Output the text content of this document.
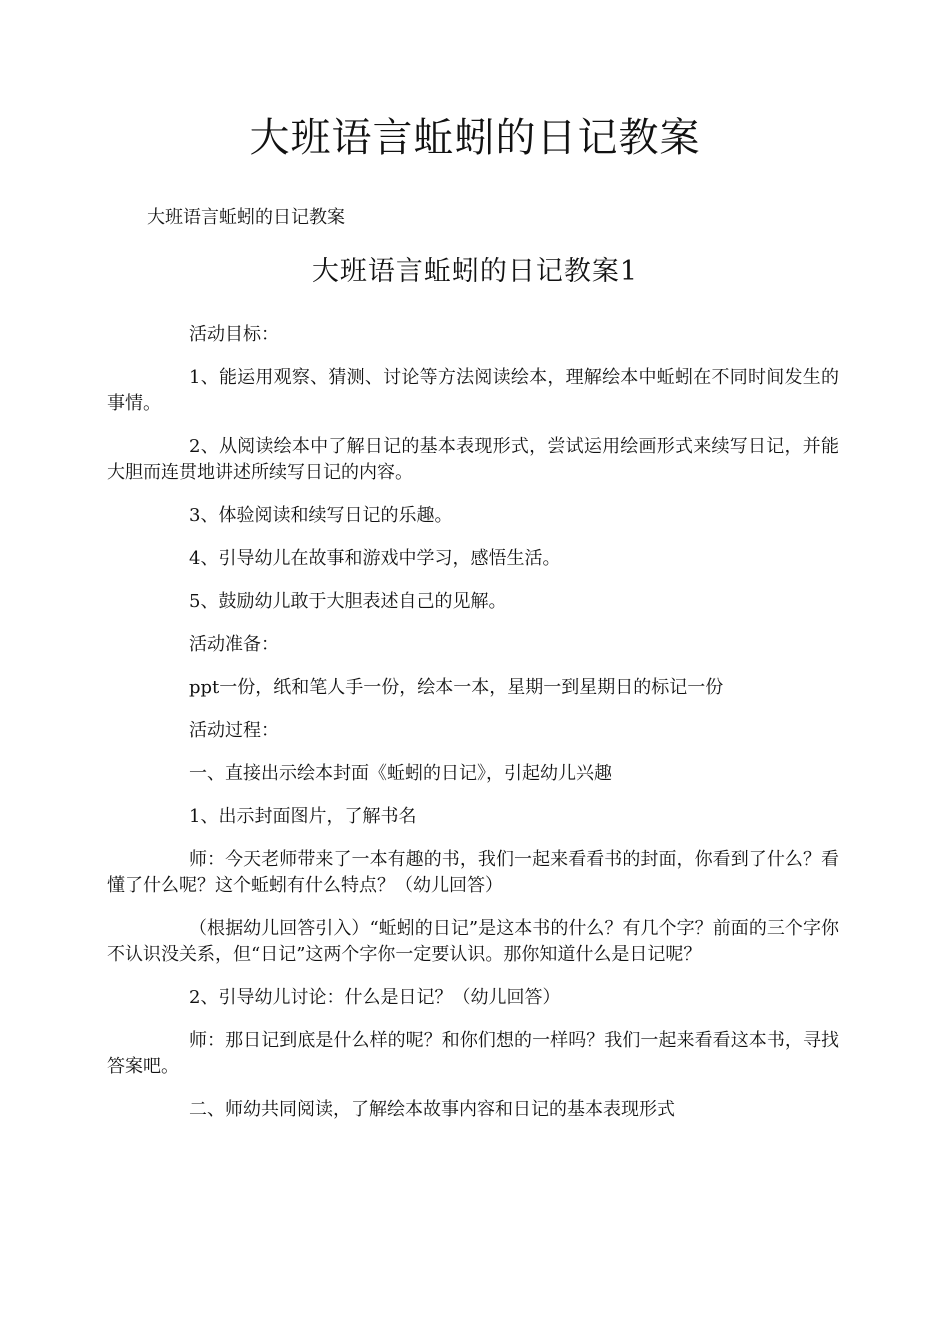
大班语言蚯蚓的日记教案

大班语言蚯蚓的日记教案

大班语言蚯蚓的日记教案1

活动目标：

1、能运用观察、猜测、讨论等方法阅读绘本，理解绘本中蚯蚓在不同时间发生的事情。

2、从阅读绘本中了解日记的基本表现形式，尝试运用绘画形式来续写日记，并能大胆而连贯地讲述所续写日记的内容。

3、体验阅读和续写日记的乐趣。

4、引导幼儿在故事和游戏中学习，感悟生活。

5、鼓励幼儿敢于大胆表述自己的见解。

活动准备：

ppt一份，纸和笔人手一份，绘本一本，星期一到星期日的标记一份

活动过程：

一、直接出示绘本封面《蚯蚓的日记》，引起幼儿兴趣

1、出示封面图片，了解书名

师：今天老师带来了一本有趣的书，我们一起来看看书的封面，你看到了什么？看懂了什么呢？这个蚯蚓有什么特点？（幼儿回答）

（根据幼儿回答引入）“蚯蚓的日记”是这本书的什么？有几个字？前面的三个字你不认识没关系，但“日记”这两个字你一定要认识。那你知道什么是日记呢？

2、引导幼儿讨论：什么是日记？（幼儿回答）

师：那日记到底是什么样的呢？和你们想的一样吗？我们一起来看看这本书，寻找答案吧。

二、师幼共同阅读，了解绘本故事内容和日记的基本表现形式
